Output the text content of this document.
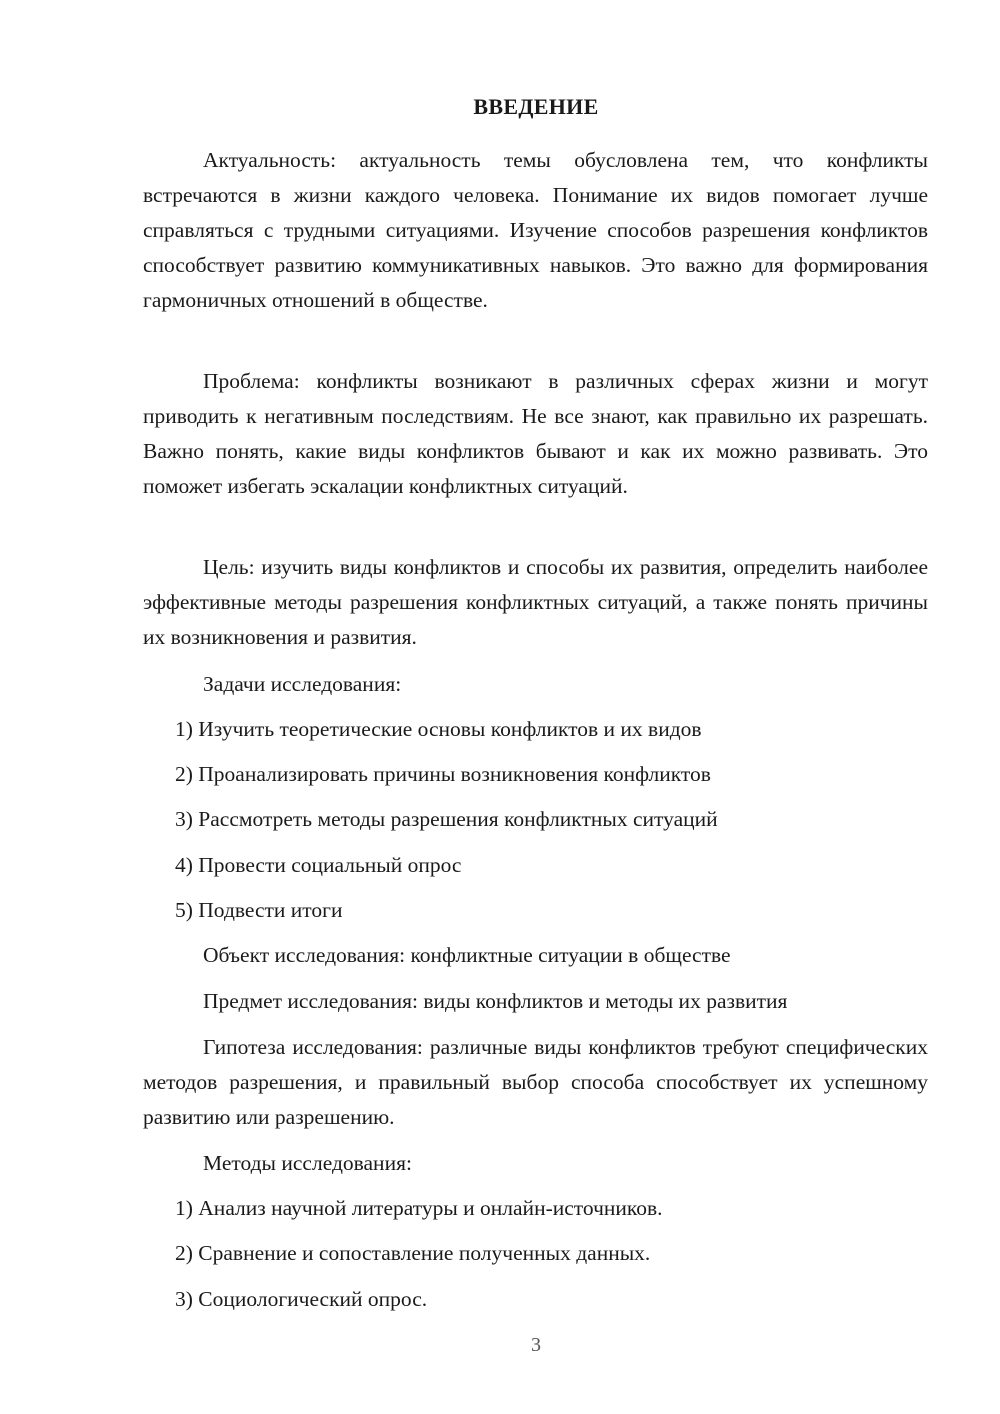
ВВЕДЕНИЕ

Актуальность: актуальность темы обусловлена тем, что конфликты встречаются в жизни каждого человека. Понимание их видов помогает лучше справляться с трудными ситуациями. Изучение способов разрешения конфликтов способствует развитию коммуникативных навыков. Это важно для формирования гармоничных отношений в обществе.

Проблема: конфликты возникают в различных сферах жизни и могут приводить к негативным последствиям. Не все знают, как правильно их разрешать. Важно понять, какие виды конфликтов бывают и как их можно развивать. Это поможет избегать эскалации конфликтных ситуаций.

Цель: изучить виды конфликтов и способы их развития, определить наиболее эффективные методы разрешения конфликтных ситуаций, а также понять причины их возникновения и развития.

Задачи исследования:

1) Изучить теоретические основы конфликтов и их видов

2) Проанализировать причины возникновения конфликтов

3) Рассмотреть методы разрешения конфликтных ситуаций

4) Провести социальный опрос

5) Подвести итоги

Объект исследования: конфликтные ситуации в обществе

Предмет исследования: виды конфликтов и методы их развития

Гипотеза исследования: различные виды конфликтов требуют специфических методов разрешения, и правильный выбор способа способствует их успешному развитию или разрешению.

Методы исследования:

1) Анализ научной литературы и онлайн-источников.

2) Сравнение и сопоставление полученных данных.

3) Социологический опрос.

3
